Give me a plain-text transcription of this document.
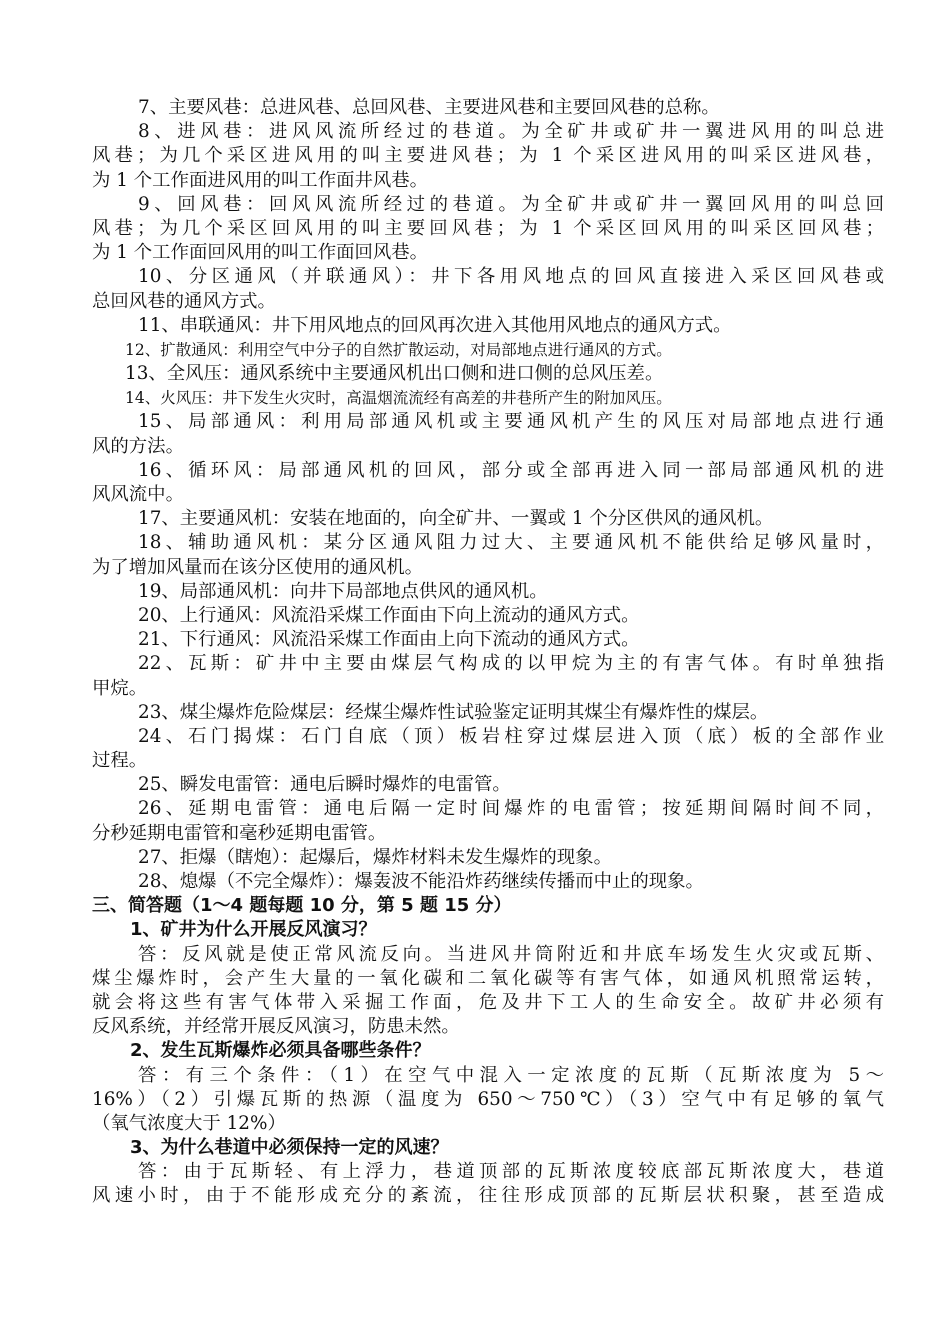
7、主要风巷：总进风巷、总回风巷、主要进风巷和主要回风巷的总称。
8、进风巷：进风风流所经过的巷道。为全矿井或矿井一翼进风用的叫总进
风巷；为几个采区进风用的叫主要进风巷；为 1 个采区进风用的叫采区进风巷，
为 1 个工作面进风用的叫工作面井风巷。
9、回风巷：回风风流所经过的巷道。为全矿井或矿井一翼回风用的叫总回
风巷；为几个采区回风用的叫主要回风巷；为 1 个采区回风用的叫采区回风巷；
为 1 个工作面回风用的叫工作面回风巷。
10、分区通风（并联通风）：井下各用风地点的回风直接进入采区回风巷或
总回风巷的通风方式。
11、串联通风：井下用风地点的回风再次进入其他用风地点的通风方式。
12、扩散通风：利用空气中分子的自然扩散运动，对局部地点进行通风的方式。
13、全风压：通风系统中主要通风机出口侧和进口侧的总风压差。
14、火风压：井下发生火灾时，高温烟流流经有高差的井巷所产生的附加风压。
15、局部通风：利用局部通风机或主要通风机产生的风压对局部地点进行通
风的方法。
16、循环风：局部通风机的回风，部分或全部再进入同一部局部通风机的进
风风流中。
17、主要通风机：安装在地面的，向全矿井、一翼或 1 个分区供风的通风机。
18、辅助通风机：某分区通风阻力过大、主要通风机不能供给足够风量时，
为了增加风量而在该分区使用的通风机。
19、局部通风机：向井下局部地点供风的通风机。
20、上行通风：风流沿采煤工作面由下向上流动的通风方式。
21、下行通风：风流沿采煤工作面由上向下流动的通风方式。
22、瓦斯：矿井中主要由煤层气构成的以甲烷为主的有害气体。有时单独指
甲烷。
23、煤尘爆炸危险煤层：经煤尘爆炸性试验鉴定证明其煤尘有爆炸性的煤层。
24、石门揭煤：石门自底（顶）板岩柱穿过煤层进入顶（底）板的全部作业
过程。
25、瞬发电雷管：通电后瞬时爆炸的电雷管。
26、延期电雷管：通电后隔一定时间爆炸的电雷管；按延期间隔时间不同，
分秒延期电雷管和毫秒延期电雷管。
27、拒爆（瞎炮）：起爆后，爆炸材料未发生爆炸的现象。
28、熄爆（不完全爆炸）：爆轰波不能沿炸药继续传播而中止的现象。
三、简答题（1～4 题每题 10 分，第 5 题 15 分）
1、矿井为什么开展反风演习？
答：反风就是使正常风流反向。当进风井筒附近和井底车场发生火灾或瓦斯、
煤尘爆炸时，会产生大量的一氧化碳和二氧化碳等有害气体，如通风机照常运转，
就会将这些有害气体带入采掘工作面，危及井下工人的生命安全。故矿井必须有
反风系统，并经常开展反风演习，防患未然。
2、发生瓦斯爆炸必须具备哪些条件？
答：有三个条件：（1）在空气中混入一定浓度的瓦斯（瓦斯浓度为 5～
16%）（2）引爆瓦斯的热源（温度为 650～750℃）（3）空气中有足够的氧气
（氧气浓度大于 12%）
3、为什么巷道中必须保持一定的风速？
答：由于瓦斯轻、有上浮力，巷道顶部的瓦斯浓度较底部瓦斯浓度大，巷道
风速小时，由于不能形成充分的紊流，往往形成顶部的瓦斯层状积聚，甚至造成
